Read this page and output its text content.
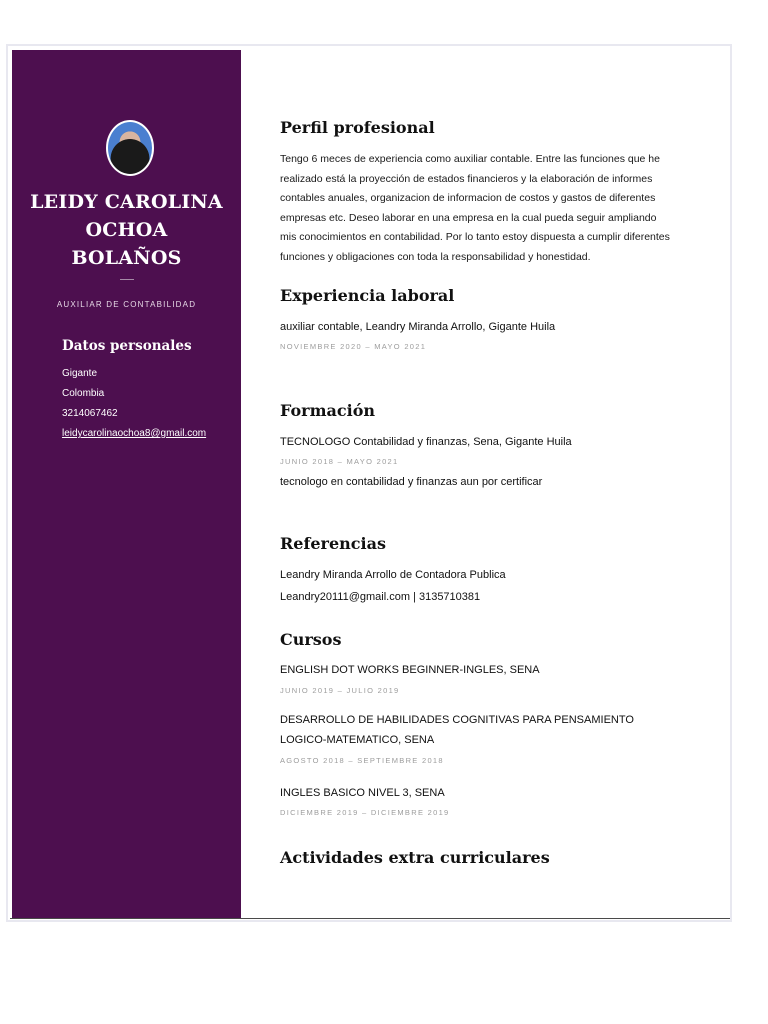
LEIDY CAROLINA
OCHOA
BOLAÑOS
AUXILIAR DE CONTABILIDAD
Datos personales
Gigante
Colombia
3214067462
leidycarolinaochoa8@gmail.com
Perfil profesional
Tengo 6 meces de experiencia como auxiliar contable. Entre las funciones que he
realizado está la proyección de estados financieros y la elaboración de informes
contables anuales, organizacion de informacion de costos y gastos de diferentes
empresas etc. Deseo laborar en una empresa en la cual pueda seguir ampliando
mis conocimientos en contabilidad. Por lo tanto estoy dispuesta a cumplir diferentes
funciones y obligaciones con toda la responsabilidad y honestidad.
Experiencia laboral
auxiliar contable, Leandry Miranda Arrollo, Gigante Huila
NOVIEMBRE 2020 – MAYO 2021
Formación
TECNOLOGO Contabilidad y finanzas, Sena, Gigante Huila
JUNIO 2018 – MAYO 2021
tecnologo en contabilidad y finanzas aun por certificar
Referencias
Leandry Miranda Arrollo de Contadora Publica
Leandry20111@gmail.com | 3135710381
Cursos
ENGLISH DOT WORKS BEGINNER-INGLES, SENA
JUNIO 2019 – JULIO 2019
DESARROLLO DE HABILIDADES COGNITIVAS PARA PENSAMIENTO LOGICO-MATEMATICO, SENA
AGOSTO 2018 – SEPTIEMBRE 2018
INGLES BASICO NIVEL 3, SENA
DICIEMBRE 2019 – DICIEMBRE 2019
Actividades extra curriculares
